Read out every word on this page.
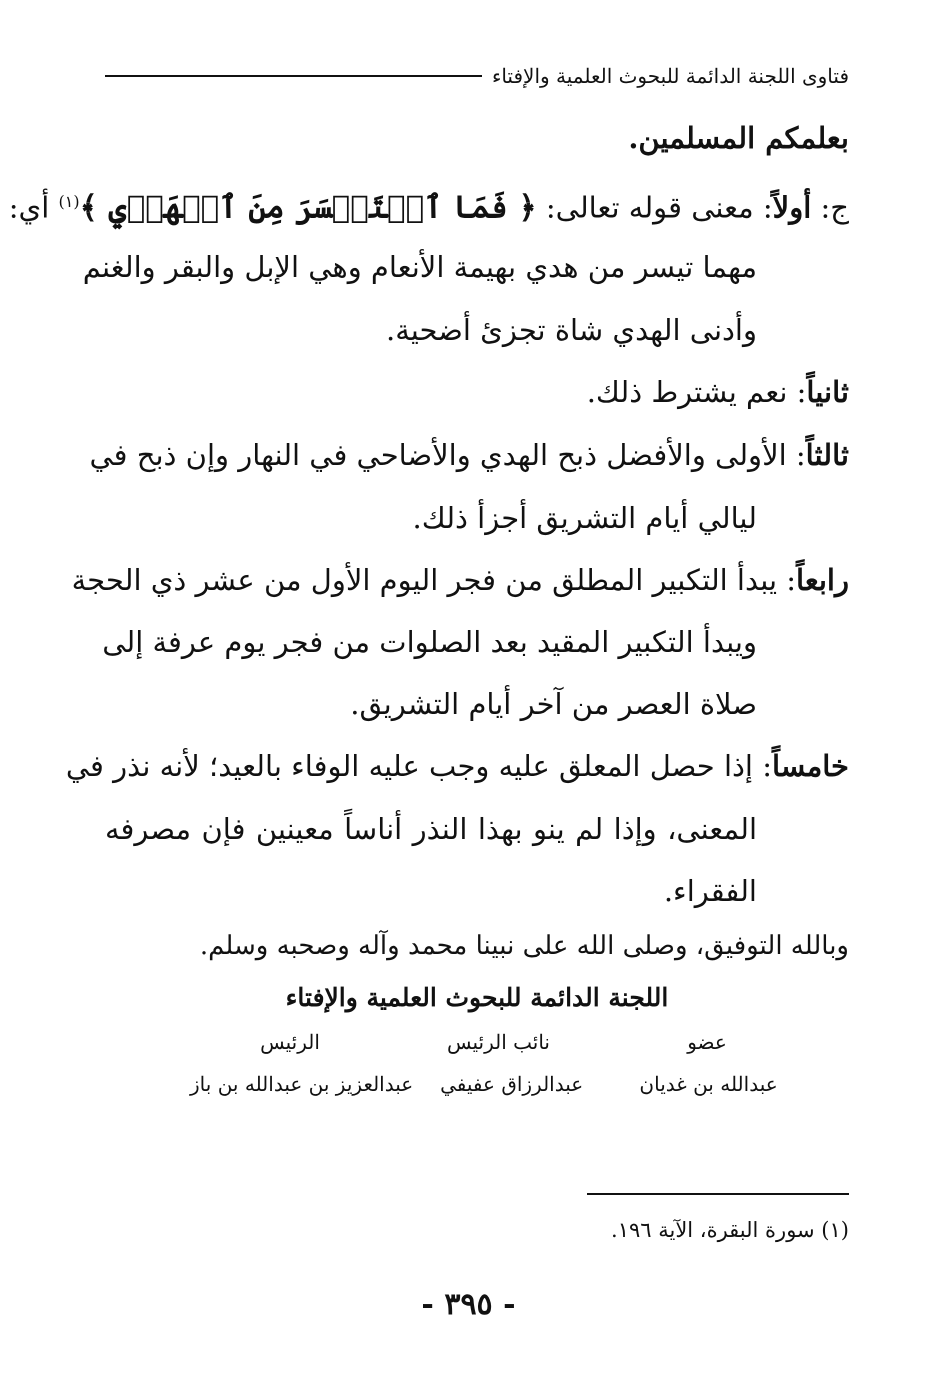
فتاوى اللجنة الدائمة للبحوث العلمية والإفتاء
بعلمكم المسلمين.
ج: أولاً: معنى قوله تعالى: ﴿ فَمَا ٱسۡتَيۡسَرَ مِنَ ٱلۡهَدۡيِ ﴾$^{(١)}$ أي:
مهما تيسر من هدي بهيمة الأنعام وهي الإبل والبقر والغنم
وأدنى الهدي شاة تجزئ أضحية.
ثانياً: نعم يشترط ذلك.
ثالثاً: الأولى والأفضل ذبح الهدي والأضاحي في النهار وإن ذبح في
ليالي أيام التشريق أجزأ ذلك.
رابعاً: يبدأ التكبير المطلق من فجر اليوم الأول من عشر ذي الحجة
ويبدأ التكبير المقيد بعد الصلوات من فجر يوم عرفة إلى
صلاة العصر من آخر أيام التشريق.
خامساً: إذا حصل المعلق عليه وجب عليه الوفاء بالعيد؛ لأنه نذر في
المعنى، وإذا لم ينو بهذا النذر أناساً معينين فإن مصرفه
الفقراء.
وبالله التوفيق، وصلى الله على نبينا محمد وآله وصحبه وسلم.
اللجنة الدائمة للبحوث العلمية والإفتاء
عضو
نائب الرئيس
الرئيس
عبدالله بن غديان
عبدالرزاق عفيفي
عبدالعزيز بن عبدالله بن باز
(١) سورة البقرة، الآية ١٩٦.
- ٣٩٥ -
